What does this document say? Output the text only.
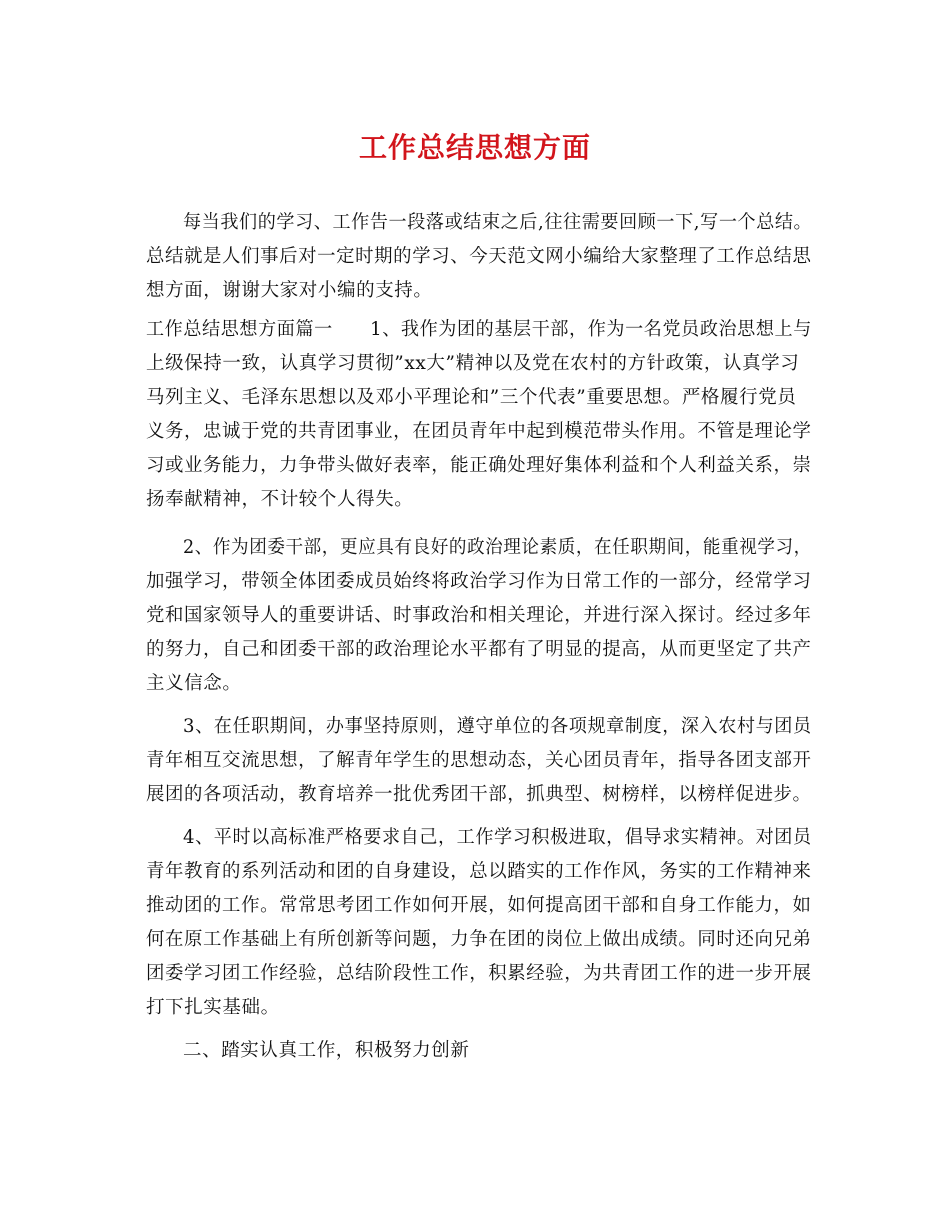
工作总结思想方面
每当我们的学习、工作告一段落或结束之后,往往需要回顾一下,写一个总结。
总结就是人们事后对一定时期的学习、今天范文网小编给大家整理了工作总结思
想方面，谢谢大家对小编的支持。
工作总结思想方面篇一　　1、我作为团的基层干部，作为一名党员政治思想上与
上级保持一致，认真学习贯彻”xx大”精神以及党在农村的方针政策，认真学习
马列主义、毛泽东思想以及邓小平理论和”三个代表”重要思想。严格履行党员
义务，忠诚于党的共青团事业，在团员青年中起到模范带头作用。不管是理论学
习或业务能力，力争带头做好表率，能正确处理好集体利益和个人利益关系，崇
扬奉献精神，不计较个人得失。
2、作为团委干部，更应具有良好的政治理论素质，在任职期间，能重视学习，
加强学习，带领全体团委成员始终将政治学习作为日常工作的一部分，经常学习
党和国家领导人的重要讲话、时事政治和相关理论，并进行深入探讨。经过多年
的努力，自己和团委干部的政治理论水平都有了明显的提高，从而更坚定了共产
主义信念。
3、在任职期间，办事坚持原则，遵守单位的各项规章制度，深入农村与团员
青年相互交流思想，了解青年学生的思想动态，关心团员青年，指导各团支部开
展团的各项活动，教育培养一批优秀团干部，抓典型、树榜样，以榜样促进步。
4、平时以高标准严格要求自己，工作学习积极进取，倡导求实精神。对团员
青年教育的系列活动和团的自身建设，总以踏实的工作作风，务实的工作精神来
推动团的工作。常常思考团工作如何开展，如何提高团干部和自身工作能力，如
何在原工作基础上有所创新等问题，力争在团的岗位上做出成绩。同时还向兄弟
团委学习团工作经验，总结阶段性工作，积累经验，为共青团工作的进一步开展
打下扎实基础。
二、踏实认真工作，积极努力创新
